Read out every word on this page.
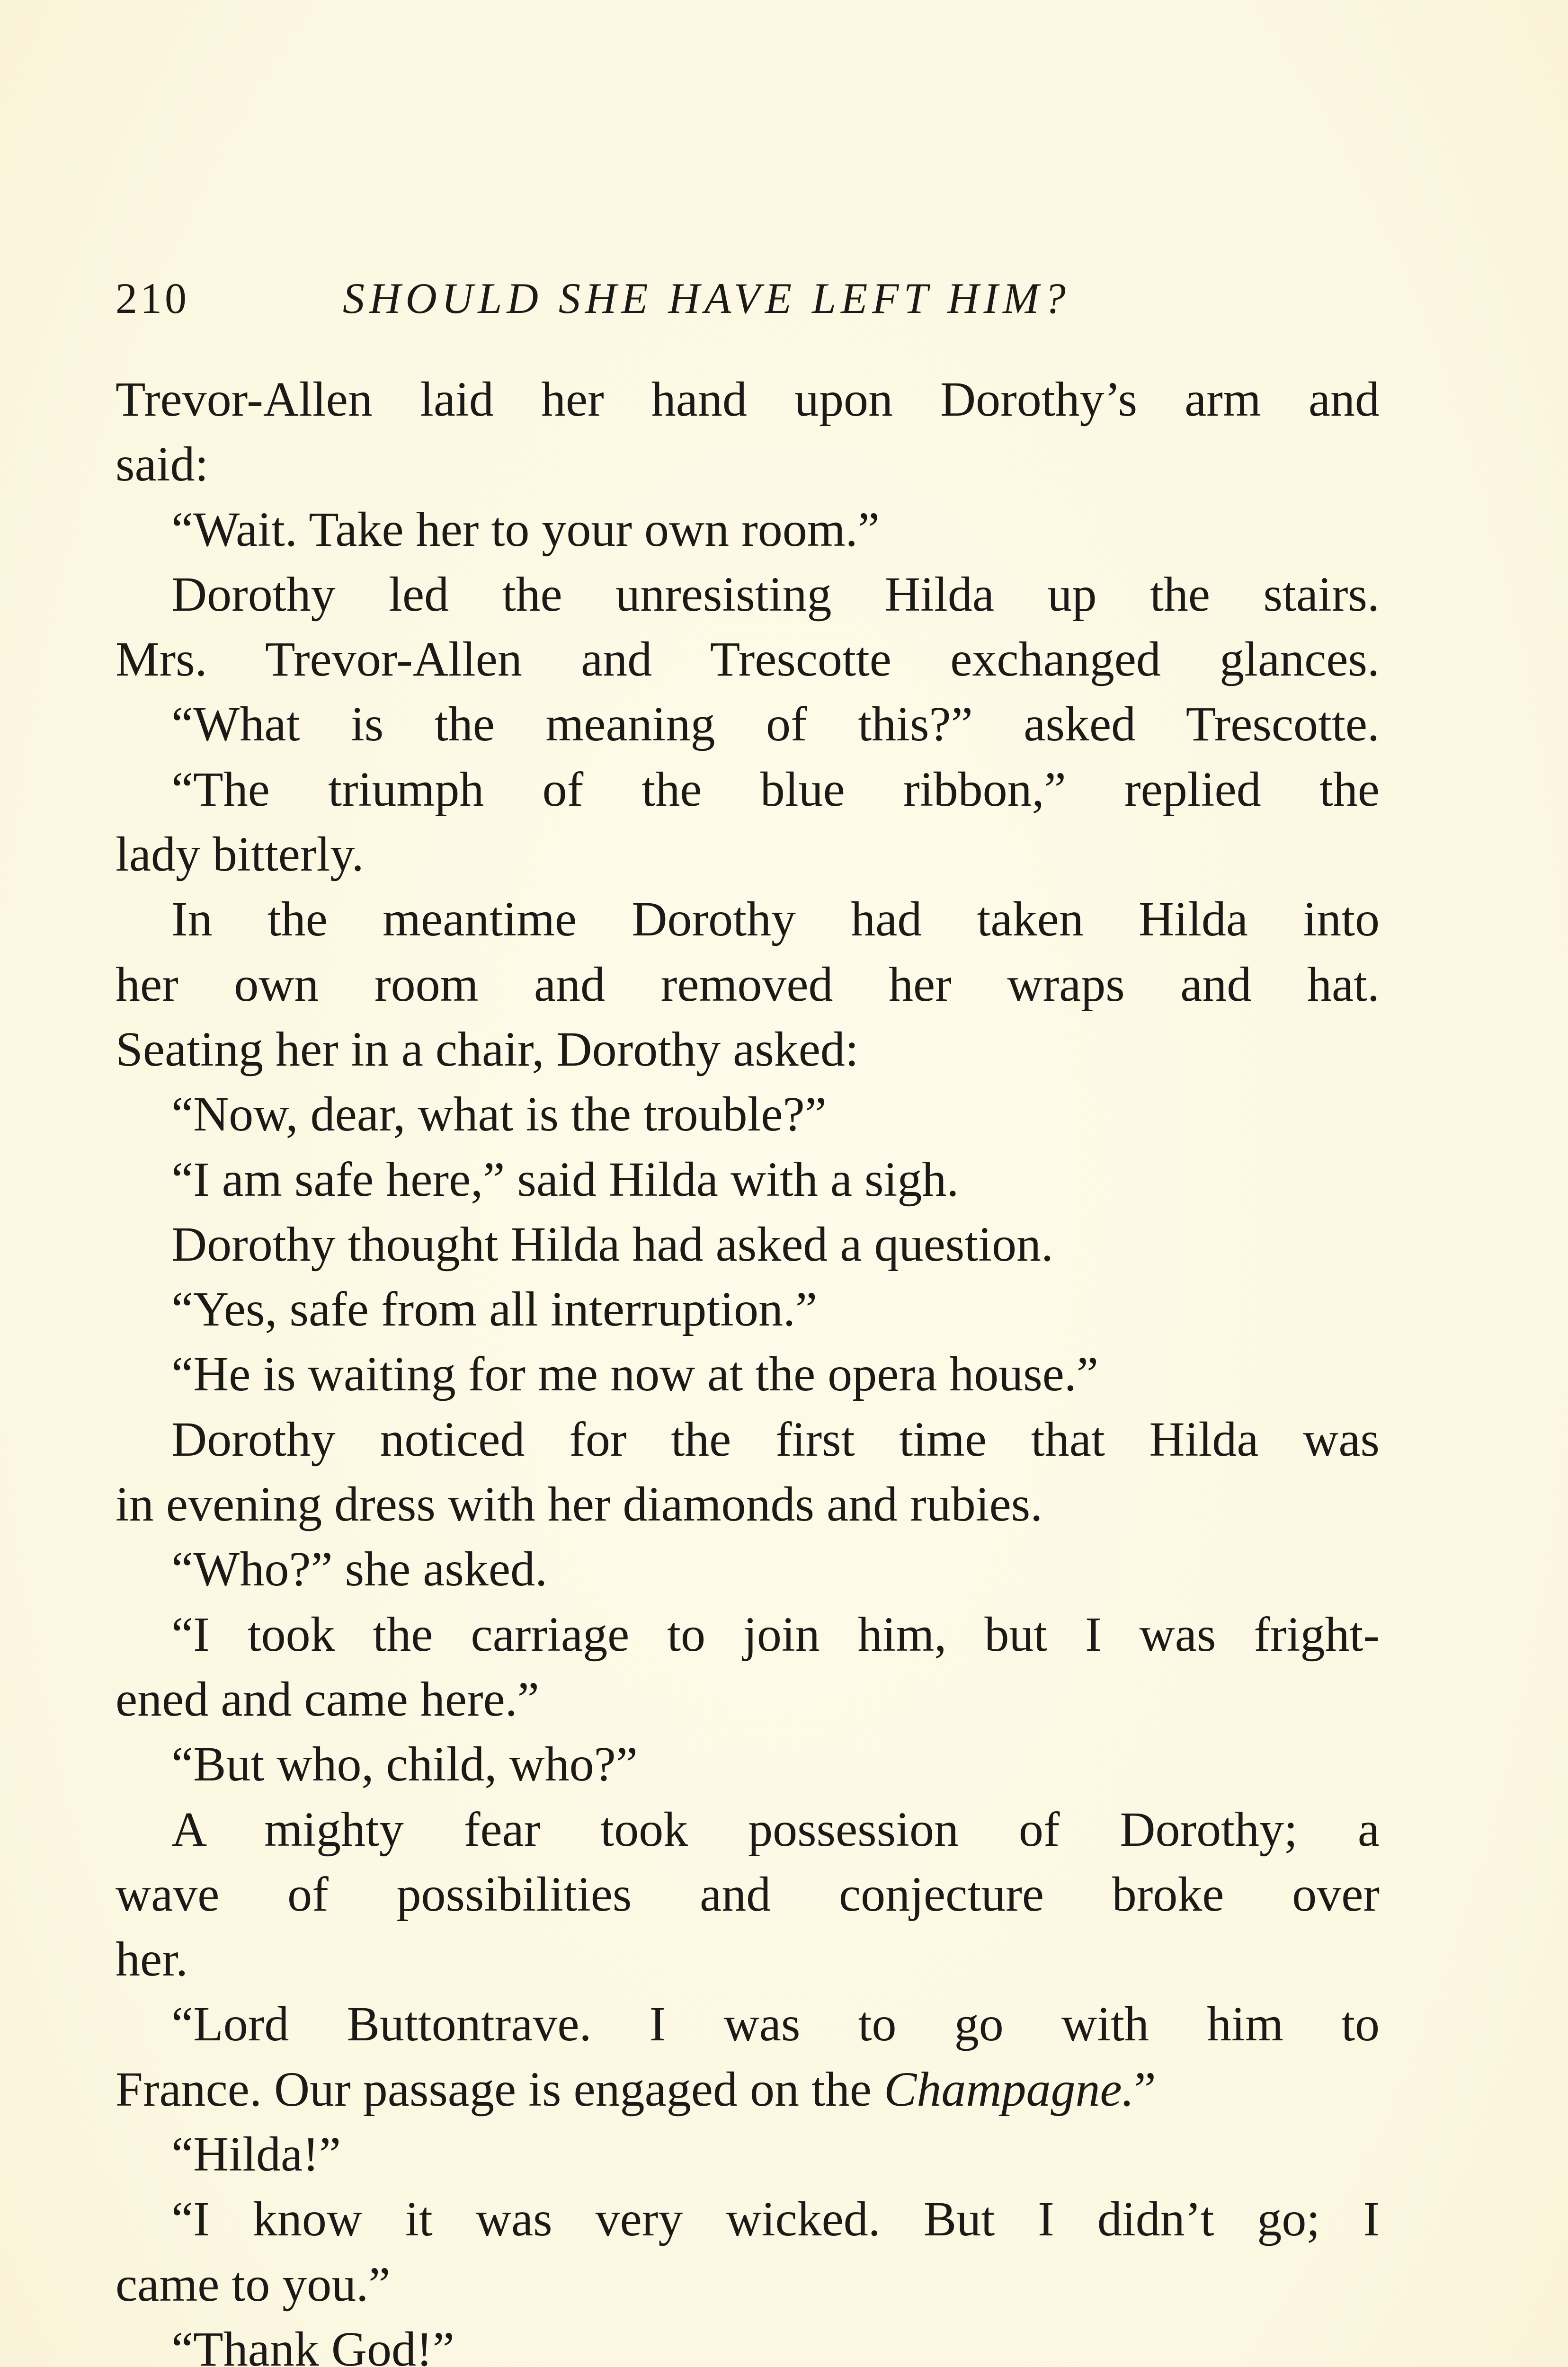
210	SHOULD SHE HAVE LEFT HIM?
Trevor-Allen laid her hand upon Dorothy’s arm and
said:
“Wait. Take her to your own room.”
Dorothy led the unresisting Hilda up the stairs.
Mrs. Trevor-Allen and Trescotte exchanged glances.
“What is the meaning of this?” asked Trescotte.
“The triumph of the blue ribbon,” replied the
lady bitterly.
In the meantime Dorothy had taken Hilda into
her own room and removed her wraps and hat.
Seating her in a chair, Dorothy asked:
“Now, dear, what is the trouble?”
“I am safe here,” said Hilda with a sigh.
Dorothy thought Hilda had asked a question.
“Yes, safe from all interruption.”
“He is waiting for me now at the opera house.”
Dorothy noticed for the first time that Hilda was
in evening dress with her diamonds and rubies.
“Who?” she asked.
“I took the carriage to join him, but I was fright-
ened and came here.”
“But who, child, who?”
A mighty fear took possession of Dorothy; a
wave of possibilities and conjecture broke over
her.
“Lord Buttontrave. I was to go with him to
France. Our passage is engaged on the Champagne.”
“Hilda!”
“I know it was very wicked. But I didn’t go; I
came to you.”
“Thank God!”
